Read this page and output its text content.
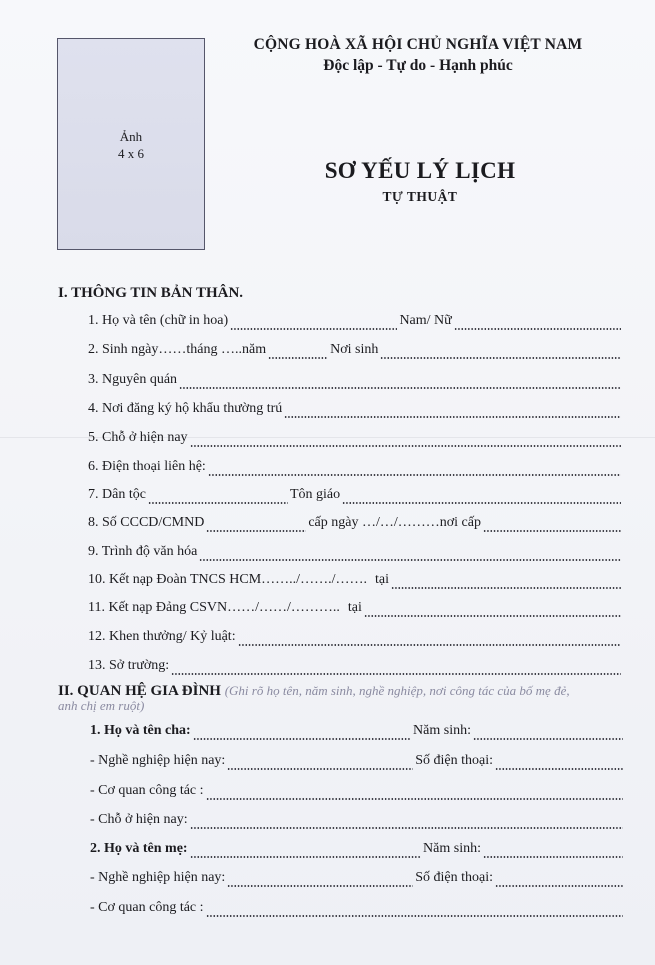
Ảnh
4 x 6
CỘNG HOÀ XÃ HỘI CHỦ NGHĨA VIỆT NAM
Độc lập - Tự do - Hạnh phúc
SƠ YẾU LÝ LỊCH
TỰ THUẬT
I. THÔNG TIN BẢN THÂN.
1. Họ và tên (chữ in hoa)	Nam/ Nữ
2. Sinh ngày……tháng …..năm	Nơi sinh
3. Nguyên quán
4. Nơi đăng ký hộ khẩu thường trú
5. Chỗ ở hiện nay
6. Điện thoại liên hệ:
7. Dân tộc	Tôn giáo
8. Số CCCD/CMND	cấp ngày …/…/………nơi cấp
9. Trình độ văn hóa
10. Kết nạp Đoàn TNCS HCM……../……./……. tại
11. Kết nạp Đảng CSVN……/……/……….. tại
12. Khen thưởng/ Kỷ luật:
13. Sở trường:
II. QUAN HỆ GIA ĐÌNH (Ghi rõ họ tên, năm sinh, nghề nghiệp, nơi công tác của bố mẹ đẻ,
anh chị em ruột)
1. Họ và tên cha:	Năm sinh:
- Nghề nghiệp hiện nay:	Số điện thoại:
- Cơ quan công tác :
- Chỗ ở hiện nay:
2. Họ và tên mẹ:	Năm sinh:
- Nghề nghiệp hiện nay:	Số điện thoại:
- Cơ quan công tác :
